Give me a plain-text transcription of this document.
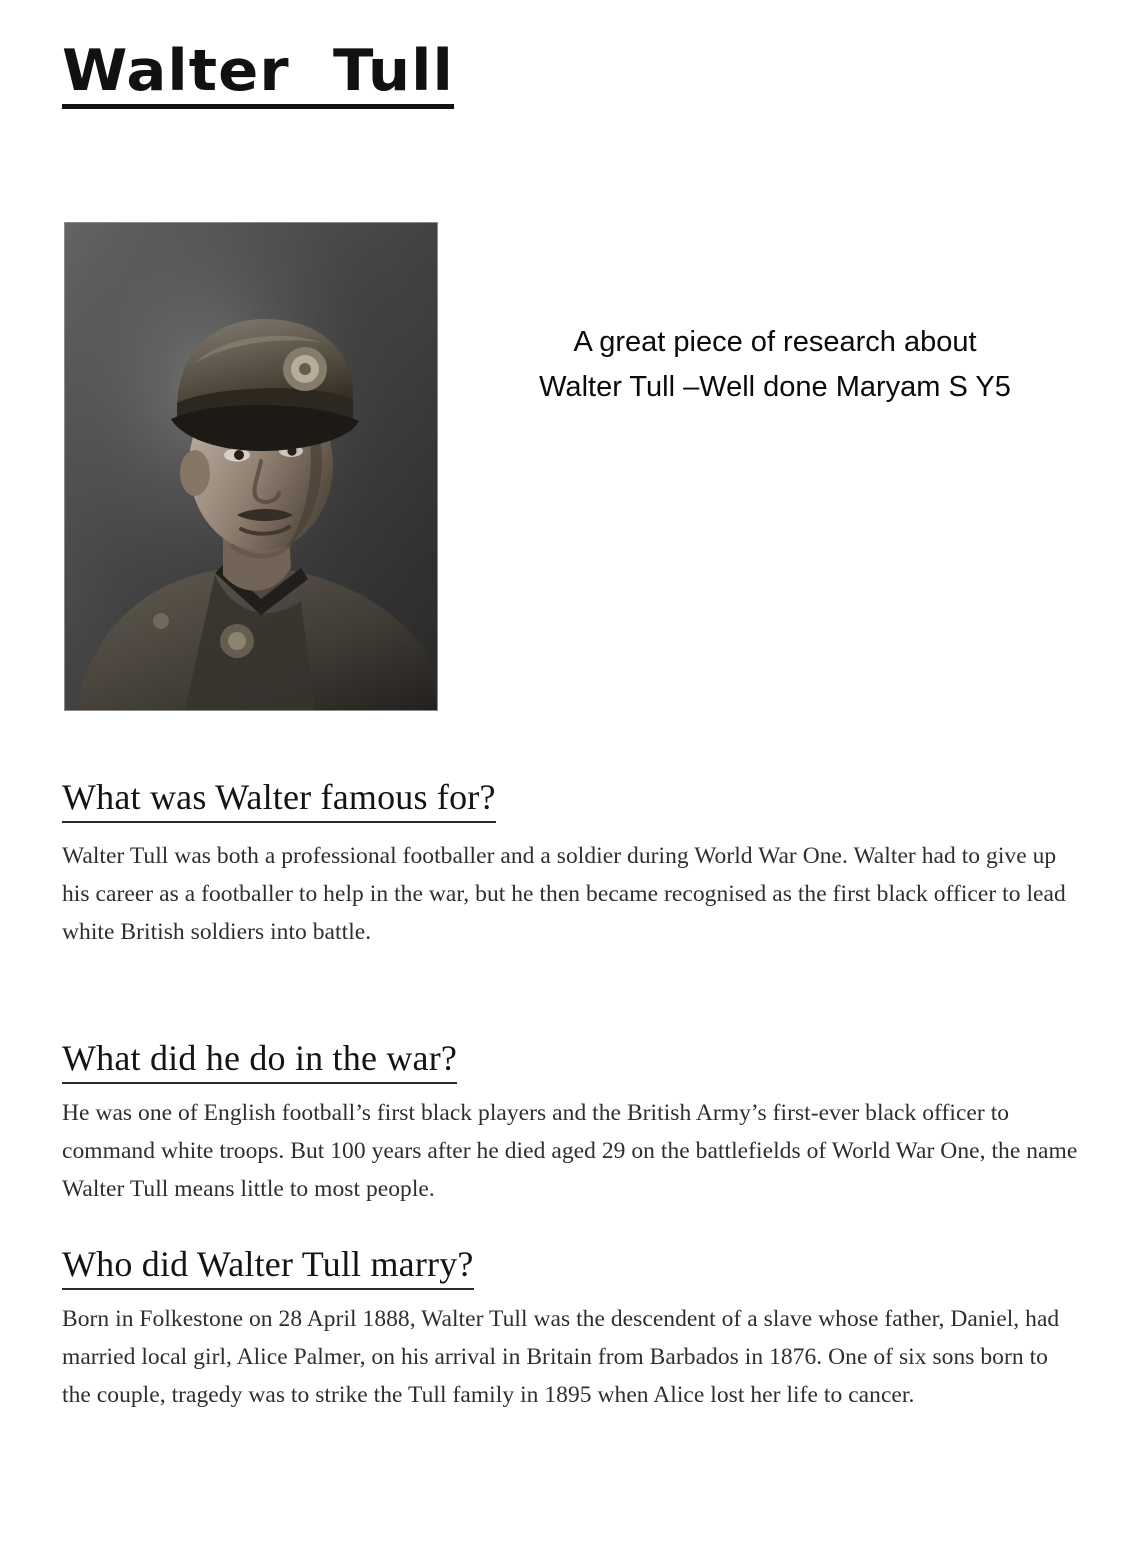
Walter  Tull
A great piece of research about
Walter Tull –Well done Maryam S Y5
What was Walter famous for?

Walter Tull was both a professional footballer and a soldier during World War One. Walter had to give up his career as a footballer to help in the war, but he then became recognised as the first black officer to lead white British soldiers into battle.

What did he do in the war?

He was one of English football’s first black players and the British Army’s first-ever black officer to command white troops. But 100 years after he died aged 29 on the battlefields of World War One, the name Walter Tull means little to most people.

Who did Walter Tull marry?

Born in Folkestone on 28 April 1888, Walter Tull was the descendent of a slave whose father, Daniel, had married local girl, Alice Palmer, on his arrival in Britain from Barbados in 1876. One of six sons born to the couple, tragedy was to strike the Tull family in 1895 when Alice lost her life to cancer.
